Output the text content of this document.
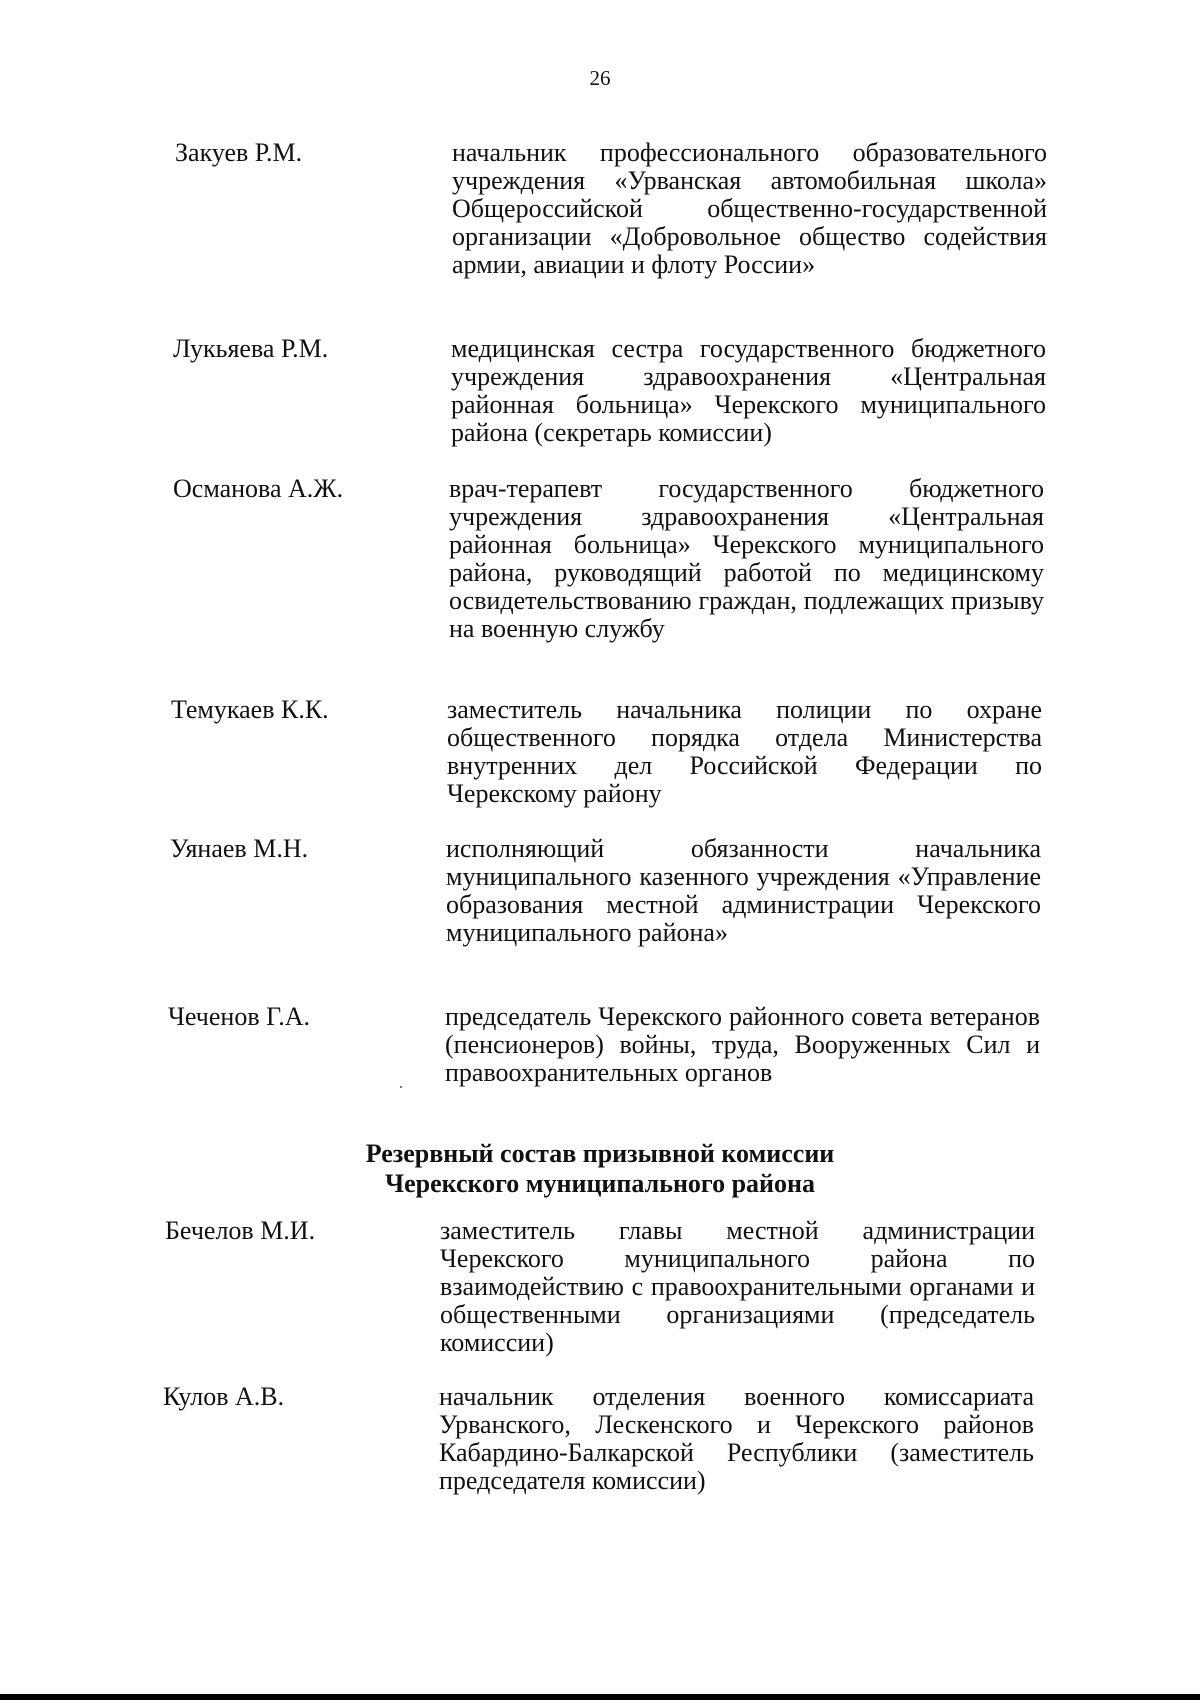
26
Закуев Р.М.	начальник профессионального образовательного учреждения «Урванская автомобильная школа» Общероссийской общественно-государственной организации «Добровольное общество содействия армии, авиации и флоту России»
Лукьяева Р.М.	медицинская сестра государственного бюджетного учреждения здравоохранения «Центральная районная больница» Черекского муниципального района (секретарь комиссии)
Османова А.Ж.	врач-терапевт государственного бюджетного учреждения здравоохранения «Центральная районная больница» Черекского муниципального района, руководящий работой по медицинскому освидетельствованию граждан, подлежащих призыву на военную службу
Темукаев К.К.	заместитель начальника полиции по охране общественного порядка отдела Министерства внутренних дел Российской Федерации по Черекскому району
Уянаев М.Н.	исполняющий обязанности начальника муниципального казенного учреждения «Управление образования местной администрации Черекского муниципального района»
Чеченов Г.А.	председатель Черекского районного совета ветеранов (пенсионеров) войны, труда, Вооруженных Сил и правоохранительных органов
Резервный состав призывной комиссии
Черекского муниципального района
Бечелов М.И.	заместитель главы местной администрации Черекского муниципального района по взаимодействию с правоохранительными органами и общественными организациями (председатель комиссии)
Кулов А.В.	начальник отделения военного комиссариата Урванского, Лескенского и Черекского районов Кабардино-Балкарской Республики (заместитель председателя комиссии)
